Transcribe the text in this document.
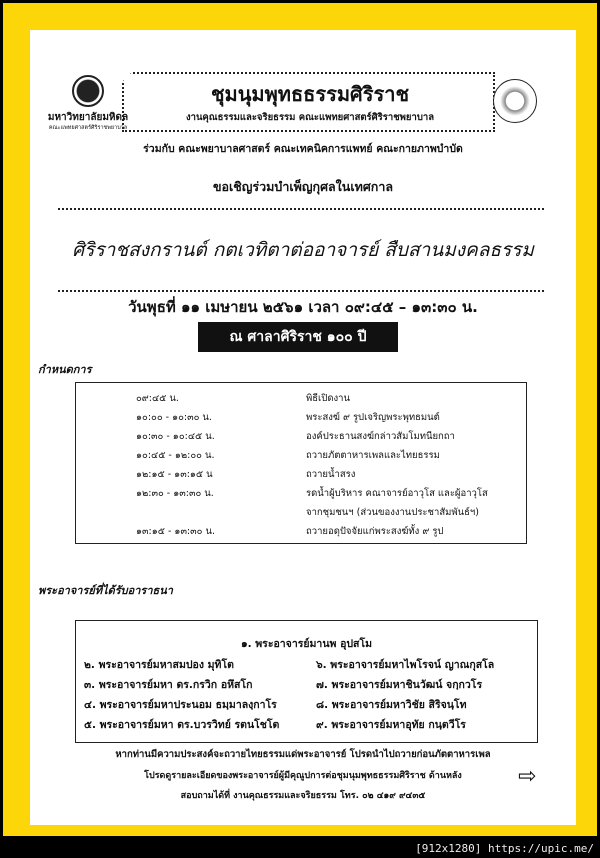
มหาวิทยาลัยมหิดล
คณะแพทยศาสตร์ศิริราชพยาบาล
ชุมนุมพุทธธรรมศิริราช
งานคุณธรรมและจริยธรรม คณะแพทยศาสตร์ศิริราชพยาบาล
ร่วมกับ คณะพยาบาลศาสตร์ คณะเทคนิคการแพทย์ คณะกายภาพบำบัด
ขอเชิญร่วมบำเพ็ญกุศลในเทศกาล
ศิริราชสงกรานต์ กตเวทิตาต่ออาจารย์ สืบสานมงคลธรรม
วันพุธที่ ๑๑ เมษายน ๒๕๖๑ เวลา ๐๙:๔๕ – ๑๓:๓๐ น.
ณ ศาลาศิริราช ๑๐๐ ปี
กำหนดการ
๐๙:๔๕ น.	พิธีเปิดงาน
๑๐:๐๐ - ๑๐:๓๐ น.	พระสงฆ์ ๙ รูปเจริญพระพุทธมนต์
๑๐:๓๐ - ๑๐:๔๕ น.	องค์ประธานสงฆ์กล่าวสัมโมทนียกถา
๑๐:๔๕ - ๑๒:๐๐ น.	ถวายภัตตาหารเพลและไทยธรรม
๑๒:๑๕ - ๑๓:๑๕ น	ถวายน้ำสรง
๑๒:๓๐ - ๑๓:๓๐ น.	รดน้ำผู้บริหาร คณาจารย์อาวุโส และผู้อาวุโส
จากชุมชนฯ (ส่วนของงานประชาสัมพันธ์ฯ)
๑๓:๑๕ - ๑๓:๓๐ น.	ถวายอดุปัจจัยแก่พระสงฆ์ทั้ง ๙ รูป
พระอาจารย์ที่ได้รับอาราธนา
๑. พระอาจารย์มานพ อุปสโม
๒. พระอาจารย์มหาสมปอง มุทิโต
๓. พระอาจารย์มหา ดร.กรวิก อหึสโก
๔. พระอาจารย์มหาประนอม ธมฺมาลงฺกาโร
๕. พระอาจารย์มหา ดร.บวรวิทย์ รตนโชโต
๖. พระอาจารย์มหาไพโรจน์ ญาณกุสโล
๗. พระอาจารย์มหาชินวัฒน์ จกฺกวโร
๘. พระอาจารย์มหาวิชัย สิริจนฺโท
๙. พระอาจารย์มหาอุทัย กนฺตวีโร
หากท่านมีความประสงค์จะถวายไทยธรรมแด่พระอาจารย์ โปรดนำไปถวายก่อนภัตตาหารเพล
โปรดดูรายละเอียดของพระอาจารย์ผู้มีคุณูปการต่อชุมนุมพุทธธรรมศิริราช ด้านหลัง
สอบถามได้ที่ งานคุณธรรมและจริยธรรม โทร. ๐๒ ๔๑๙ ๙๔๓๕
⇨
[912x1280] https://upic.me/
